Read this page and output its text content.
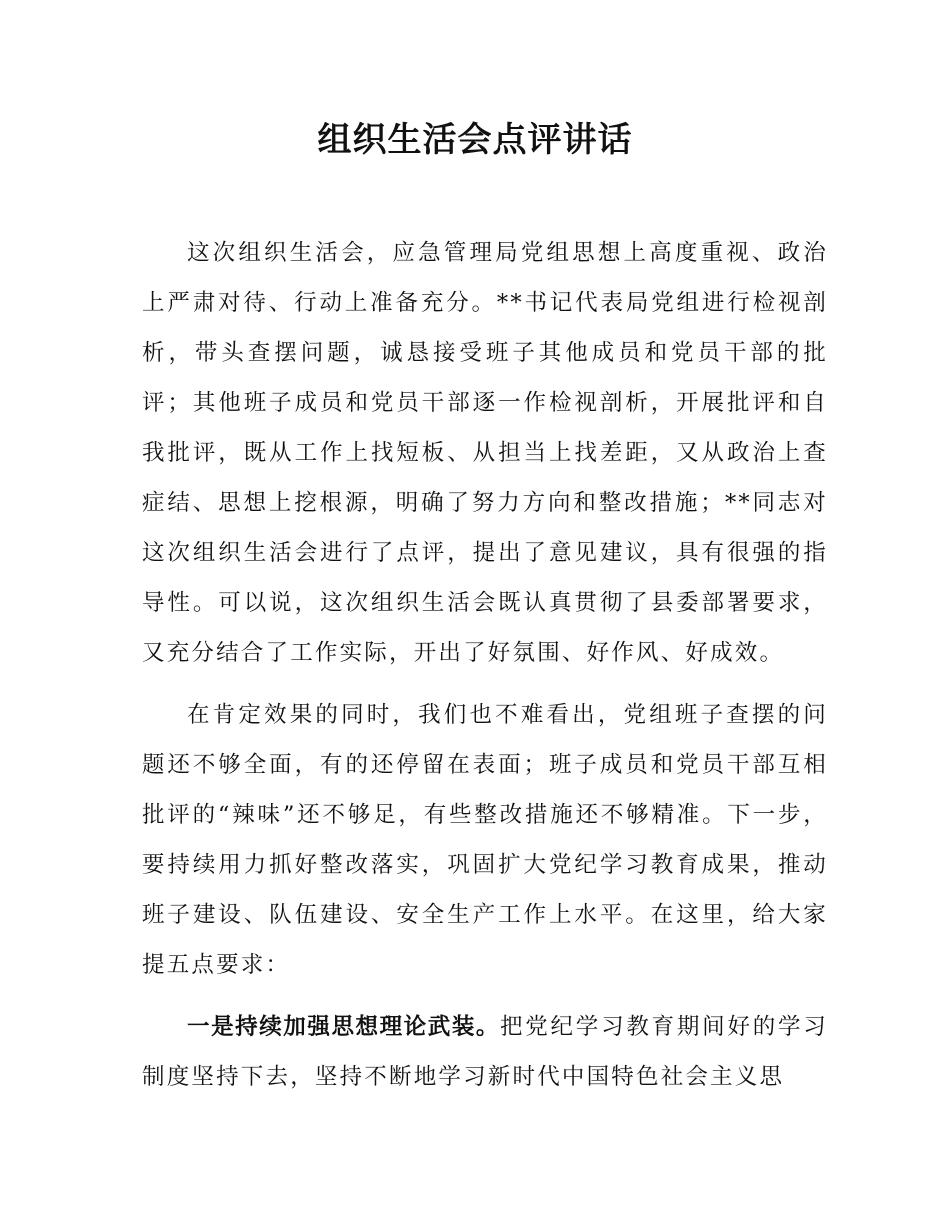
组织生活会点评讲话

这次组织生活会，应急管理局党组思想上高度重视、政治上严肃对待、行动上准备充分。**书记代表局党组进行检视剖析，带头查摆问题，诚恳接受班子其他成员和党员干部的批评；其他班子成员和党员干部逐一作检视剖析，开展批评和自我批评，既从工作上找短板、从担当上找差距，又从政治上查症结、思想上挖根源，明确了努力方向和整改措施；**同志对这次组织生活会进行了点评，提出了意见建议，具有很强的指导性。可以说，这次组织生活会既认真贯彻了县委部署要求，又充分结合了工作实际，开出了好氛围、好作风、好成效。

在肯定效果的同时，我们也不难看出，党组班子查摆的问题还不够全面，有的还停留在表面；班子成员和党员干部互相批评的“辣味”还不够足，有些整改措施还不够精准。下一步，要持续用力抓好整改落实，巩固扩大党纪学习教育成果，推动班子建设、队伍建设、安全生产工作上水平。在这里，给大家提五点要求：

一是持续加强思想理论武装。把党纪学习教育期间好的学习制度坚持下去，坚持不断地学习新时代中国特色社会主义思
